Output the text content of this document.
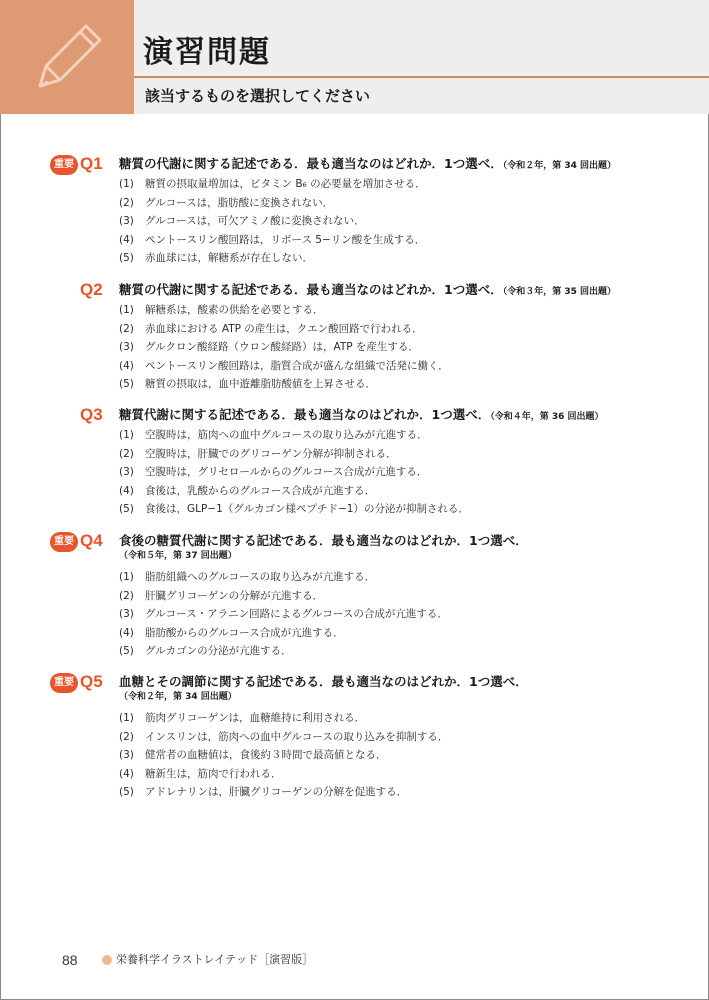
演習問題
該当するものを選択してください
重要 Q1 糖質の代謝に関する記述である．最も適当なのはどれか．1つ選べ．（令和２年，第 34 回出題）
(1) 糖質の摂取量増加は，ビタミン B₆ の必要量を増加させる．
(2) グルコースは，脂肪酸に変換されない．
(3) グルコースは，可欠アミノ酸に変換されない．
(4) ペントースリン酸回路は，リボース 5−リン酸を生成する．
(5) 赤血球には，解糖系が存在しない．
Q2 糖質の代謝に関する記述である．最も適当なのはどれか．1つ選べ．（令和３年，第 35 回出題）
(1) 解糖系は，酸素の供給を必要とする．
(2) 赤血球における ATP の産生は，クエン酸回路で行われる．
(3) グルクロン酸経路（ウロン酸経路）は，ATP を産生する．
(4) ペントースリン酸回路は，脂質合成が盛んな組織で活発に働く．
(5) 糖質の摂取は，血中遊離脂肪酸値を上昇させる．
Q3 糖質代謝に関する記述である．最も適当なのはどれか．1つ選べ．（令和４年，第 36 回出題）
(1) 空腹時は，筋肉への血中グルコースの取り込みが亢進する．
(2) 空腹時は，肝臓でのグリコーゲン分解が抑制される．
(3) 空腹時は，グリセロールからのグルコース合成が亢進する．
(4) 食後は，乳酸からのグルコース合成が亢進する．
(5) 食後は，GLP−1（グルカゴン様ペプチド−1）の分泌が抑制される．
重要 Q4 食後の糖質代謝に関する記述である．最も適当なのはどれか．1つ選べ．
（令和５年，第 37 回出題）
(1) 脂肪組織へのグルコースの取り込みが亢進する．
(2) 肝臓グリコーゲンの分解が亢進する．
(3) グルコース・アラニン回路によるグルコースの合成が亢進する．
(4) 脂肪酸からのグルコース合成が亢進する．
(5) グルカゴンの分泌が亢進する．
重要 Q5 血糖とその調節に関する記述である．最も適当なのはどれか．1つ選べ．
（令和２年，第 34 回出題）
(1) 筋肉グリコーゲンは，血糖維持に利用される．
(2) インスリンは，筋肉への血中グルコースの取り込みを抑制する．
(3) 健常者の血糖値は，食後約３時間で最高値となる．
(4) 糖新生は，筋肉で行われる．
(5) アドレナリンは，肝臓グリコーゲンの分解を促進する．
88	栄養科学イラストレイテッド［演習版］
